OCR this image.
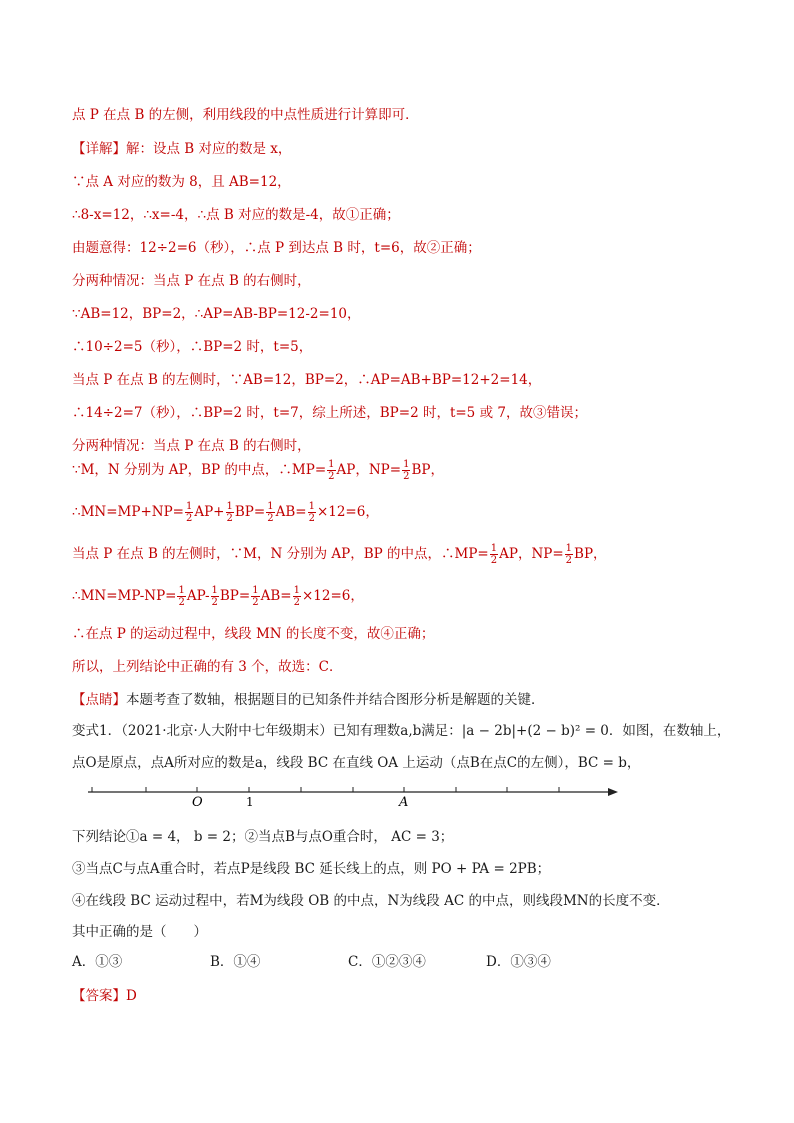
点 P 在点 B 的左侧，利用线段的中点性质进行计算即可．
【详解】解：设点 B 对应的数是 x，
∵点 A 对应的数为 8，且 AB=12，
∴8-x=12，∴x=-4，∴点 B 对应的数是-4，故①正确；
由题意得：12÷2=6（秒），∴点 P 到达点 B 时，t=6，故②正确；
分两种情况：当点 P 在点 B 的右侧时，
∵AB=12，BP=2，∴AP=AB-BP=12-2=10，
∴10÷2=5（秒），∴BP=2 时，t=5，
当点 P 在点 B 的左侧时，∵AB=12，BP=2，∴AP=AB+BP=12+2=14，
∴14÷2=7（秒），∴BP=2 时，t=7，综上所述，BP=2 时，t=5 或 7，故③错误；
分两种情况：当点 P 在点 B 的右侧时，
∵M，N 分别为 AP，BP 的中点，∴MP= $\frac{1}{2}$ AP，$NP= \frac{1}{2}$ BP，
∴MN=MP+NP= $\frac{1}{2} AP+ \frac{1}{2} BP= \frac{1}{2} AB= \frac{1}{2} \times 12=6$，
当点 P 在点 B 的左侧时，∵M，N 分别为 AP，BP 的中点，∴MP= $\frac{1}{2}$ AP，$NP= \frac{1}{2}$ BP，
∴MN=MP-NP= $\frac{1}{2} AP- \frac{1}{2} BP= \frac{1}{2} AB= \frac{1}{2} \times 12=6$，
∴在点 P 的运动过程中，线段 MN 的长度不变，故④正确；
所以，上列结论中正确的有 3 个，故选：C．
【点睛】本题考查了数轴，根据题目的已知条件并结合图形分析是解题的关键．
变式1．（2021·北京·人大附中七年级期末）已知有理数a,b满足：|a − 2b|+(2 − b)² = 0．如图，在数轴上，
点O是原点，点A所对应的数是a，线段 BC 在直线 OA 上运动（点B在点C的左侧），BC = b，
O	1	A
下列结论①a = 4， b = 2；②当点B与点O重合时， AC = 3；
③当点C与点A重合时，若点P是线段 BC 延长线上的点，则 PO + PA = 2PB；
④在线段 BC 运动过程中，若M为线段 OB 的中点，N为线段 AC 的中点，则线段MN的长度不变．
其中正确的是（　　）
A．①③	B．①④	C．①②③④	D．①③④
【答案】D
